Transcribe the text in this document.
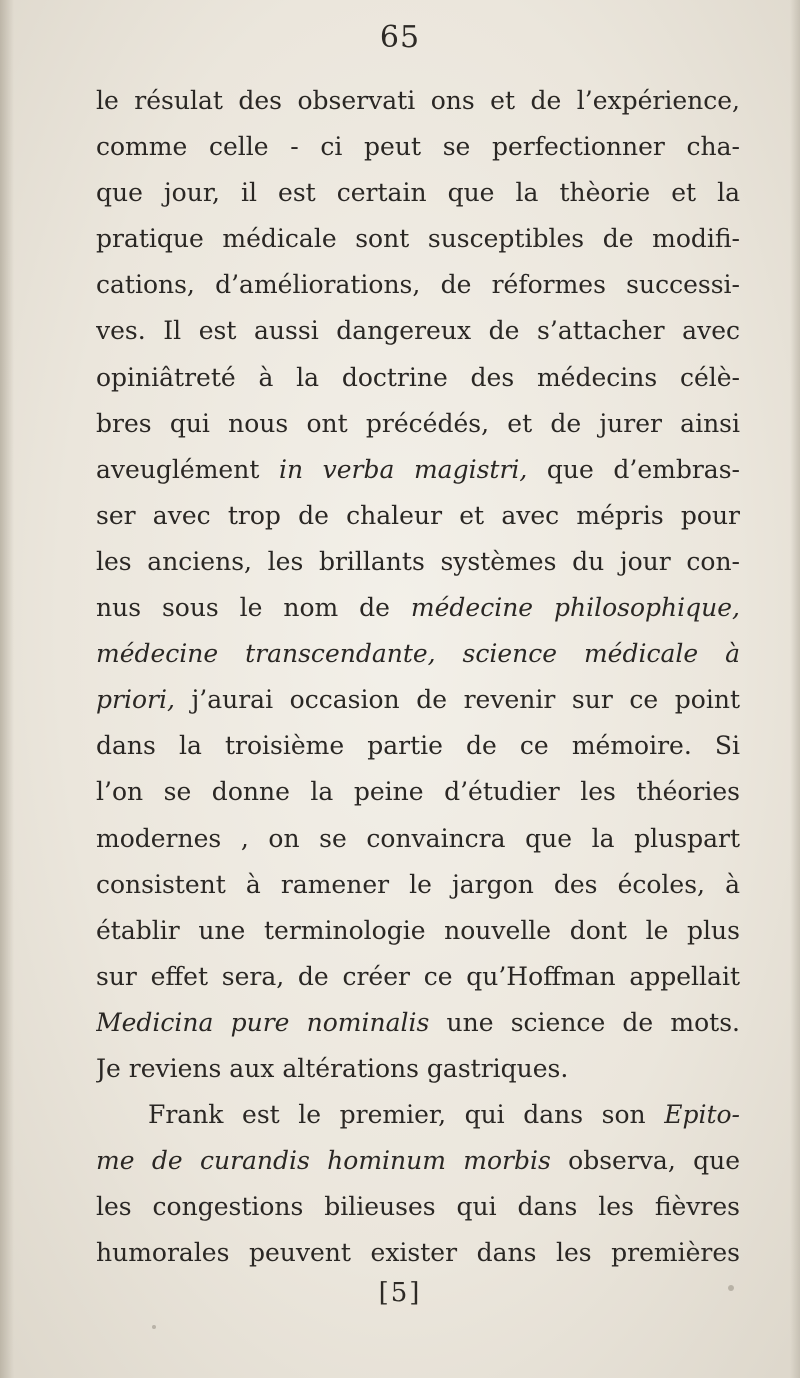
65
le résulat des observati ons et de l’expérience,
comme celle - ci peut se perfectionner cha-
que jour, il est certain que la thèorie et la
pratique médicale sont susceptibles de modifi-
cations, d’améliorations, de réformes successi-
ves. Il est aussi dangereux de s’attacher avec
opiniâtreté à la doctrine des médecins célè-
bres qui nous ont précédés, et de jurer ainsi
aveuglément in verba magistri, que d’embras-
ser avec trop de chaleur et avec mépris pour
les anciens, les brillants systèmes du jour con-
nus sous le nom de médecine philosophique,
médecine transcendante, science médicale à
priori, j’aurai occasion de revenir sur ce point
dans la troisième partie de ce mémoire. Si
l’on se donne la peine d’étudier les théories
modernes , on se convaincra que la pluspart
consistent à ramener le jargon des écoles, à
établir une terminologie nouvelle dont le plus
sur effet sera, de créer ce qu’Hoffman appellait
Medicina pure nominalis une science de mots.
Je reviens aux altérations gastriques.
Frank est le premier, qui dans son Epito-
me de curandis hominum morbis observa, que
les congestions bilieuses qui dans les fièvres
humorales peuvent exister dans les premières
[5]
